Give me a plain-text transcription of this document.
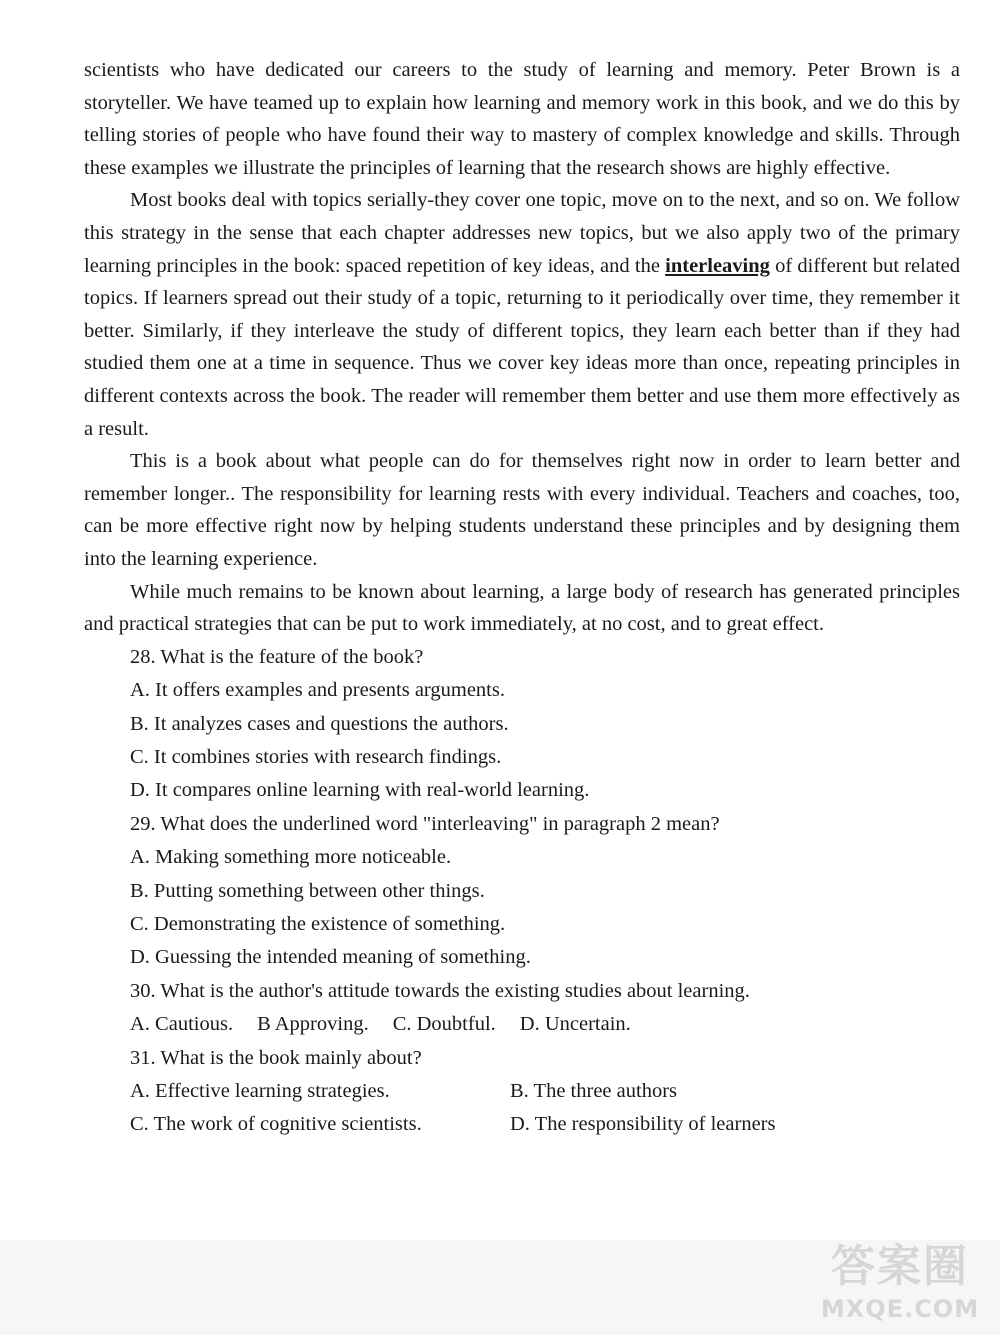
scientists who have dedicated our careers to the study of learning and memory. Peter Brown is a storyteller. We have teamed up to explain how learning and memory work in this book, and we do this by telling stories of people who have found their way to mastery of complex knowledge and skills. Through these examples we illustrate the principles of learning that the research shows are highly effective.

Most books deal with topics serially-they cover one topic, move on to the next, and so on. We follow this strategy in the sense that each chapter addresses new topics, but we also apply two of the primary learning principles in the book: spaced repetition of key ideas, and the interleaving of different but related topics. If learners spread out their study of a topic, returning to it periodically over time, they remember it better. Similarly, if they interleave the study of different topics, they learn each better than if they had studied them one at a time in sequence. Thus we cover key ideas more than once, repeating principles in different contexts across the book. The reader will remember them better and use them more effectively as a result.

This is a book about what people can do for themselves right now in order to learn better and remember longer.. The responsibility for learning rests with every individual. Teachers and coaches, too, can be more effective right now by helping students understand these principles and by designing them into the learning experience.

While much remains to be known about learning, a large body of research has generated principles and practical strategies that can be put to work immediately, at no cost, and to great effect.

28. What is the feature of the book?

A. It offers examples and presents arguments.

B. It analyzes cases and questions the authors.

C. It combines stories with research findings.

D. It compares online learning with real-world learning.

29. What does the underlined word "interleaving" in paragraph 2 mean?

A. Making something more noticeable.

B. Putting something between other things.

C. Demonstrating the existence of something.

D. Guessing the intended meaning of something.

30. What is the author's attitude towards the existing studies about learning.

A. Cautious. B Approving. C. Doubtful. D. Uncertain.

31. What is the book mainly about?

A. Effective learning strategies.	B. The three authors
C. The work of cognitive scientists.	D. The responsibility of learners
答案圈
MXQE.COM
